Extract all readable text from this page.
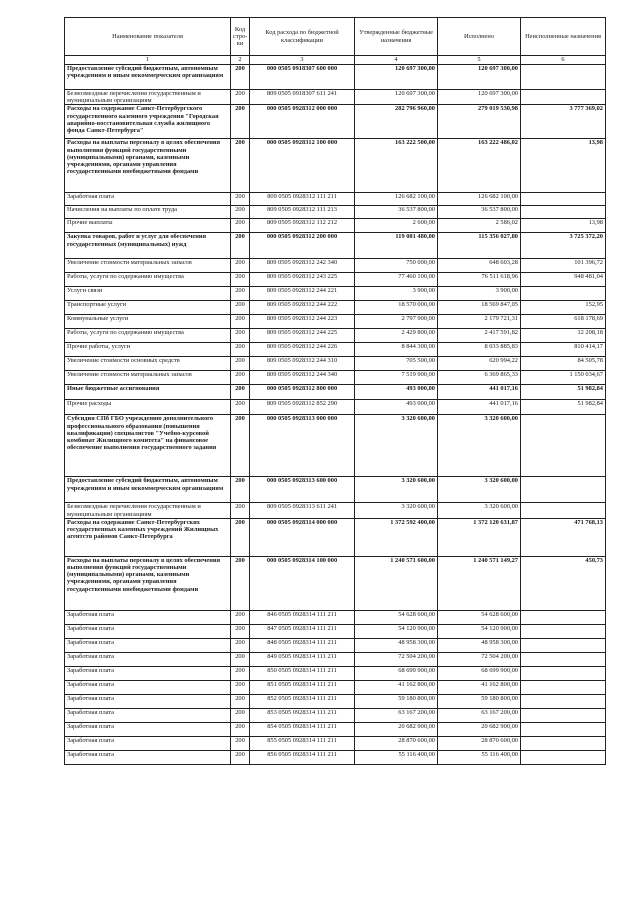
Наименование показателя	Код стро-ки	Код расхода по бюджетной классификации	Утвержденные бюджетные назначения	Исполнено	Неисполненные назначения
1	2	3	4	5	6
Предоставление субсидий бюджетным, автономным учреждениям и иным некоммерческим организациям	200	000 0505 0918307 600 000	120 697 300,00	120 697 300,00	
Безвозмездные перечисления государственным и муниципальным организациям	200	809 0505 0918307 611 241	120 697 300,00	120 697 300,00	
Расходы на содержание Санкт-Петербургского государственного казенного учреждения "Городская аварийно-восстановительная служба жилищного фонда Санкт-Петербурга"	200	000 0505 0928312 000 000	282 796 960,00	279 019 530,98	3 777 369,02
Расходы на выплаты персоналу в целях обеспечения выполнения функций государственными (муниципальными) органами, казенными учреждениями, органами управления государственными внебюджетными фондами	200	000 0505 0928312 100 000	163 222 500,00	163 222 486,02	13,98
Заработная плата	200	809 0505 0928312 111 211	126 682 100,00	126 682 100,00	
Начисления на выплаты по оплате труда	200	809 0505 0928312 111 213	36 537 800,00	36 537 800,00	
Прочие выплаты	200	809 0505 0928312 112 212	2 600,00	2 586,02	13,98
Закупка товаров, работ и услуг для обеспечения государственных (муниципальных) нужд	200	000 0505 0928312 200 000	119 081 480,00	115 356 027,80	3 725 372,20
Увеличение стоимости материальных запасов	200	809 0505 0928312 242 340	750 000,00	648 603,28	101 396,72
Работы, услуги по содержанию имущества	200	809 0505 0928312 243 225	77 460 100,00	76 511 618,96	948 481,04
Услуги связи	200	809 0505 0928312 244 221	3 900,00	3 900,00	
Транспортные услуги	200	809 0505 0928312 244 222	18 570 000,00	18 569 847,05	152,95
Коммунальные услуги	200	809 0505 0928312 244 223	2 797 900,00	2 179 721,31	618 178,69
Работы, услуги по содержанию имущества	200	809 0505 0928312 244 225	2 429 800,00	2 417 591,82	12 208,18
Прочие работы, услуги	200	809 0505 0928312 244 226	8 844 300,00	8 033 885,83	810 414,17
Увеличение стоимости основных средств	200	809 0505 0928312 244 310	705 500,00	620 994,22	84 505,78
Увеличение стоимости материальных запасов	200	809 0505 0928312 244 340	7 519 900,00	6 369 865,33	1 150 034,67
Иные бюджетные ассигнования	200	000 0505 0928312 800 000	493 000,00	441 017,16	51 982,84
Прочие расходы	200	809 0505 0928312 852 290	493 000,00	441 017,16	51 982,84
Субсидия СПб ГБО учреждению дополнительного профессионального образования (повышения квалификации) специалистов "Учебно-курсовой комбинат Жилищного комитета" на финансовое обеспечение выполнения государственного задания	200	000 0505 0928313 000 000	3 320 600,00	3 320 600,00	
Предоставление субсидий бюджетным, автономным учреждениям и иным некоммерческим организациям	200	000 0505 0928313 600 000	3 320 600,00	3 320 600,00	
Безвозмездные перечисления государственным и муниципальным организациям	200	809 0505 0928313 611 241	3 320 600,00	3 320 600,00	
Расходы на содержание Санкт-Петербургских государственных казенных учреждений Жилищных агентств районов Санкт-Петербурга	200	000 0505 0928314 000 000	1 372 592 400,00	1 372 120 631,87	471 768,13
Расходы на выплаты персоналу в целях обеспечения выполнения функций государственными (муниципальными) органами, казенными учреждениями, органами управления государственными внебюджетными фондами	200	000 0505 0928314 100 000	1 240 571 600,00	1 240 571 149,27	450,73
Заработная плата	200	846 0505 0928314 111 211	54 628 600,00	54 628 600,00	
Заработная плата	200	847 0505 0928314 111 211	54 120 900,00	54 120 900,00	
Заработная плата	200	848 0505 0928314 111 211	48 958 300,00	48 958 300,00	
Заработная плата	200	849 0505 0928314 111 211	72 504 200,00	72 504 200,00	
Заработная плата	200	850 0505 0928314 111 211	68 699 900,00	68 699 900,00	
Заработная плата	200	851 0505 0928314 111 211	41 162 800,00	41 162 800,00	
Заработная плата	200	852 0505 0928314 111 211	59 180 800,00	59 180 800,00	
Заработная плата	200	853 0505 0928314 111 211	63 167 200,00	63 167 200,00	
Заработная плата	200	854 0505 0928314 111 211	20 682 900,00	20 682 900,00	
Заработная плата	200	855 0505 0928314 111 211	28 870 600,00	28 870 600,00	
Заработная плата	200	856 0505 0928314 111 211	55 116 400,00	55 116 400,00	
